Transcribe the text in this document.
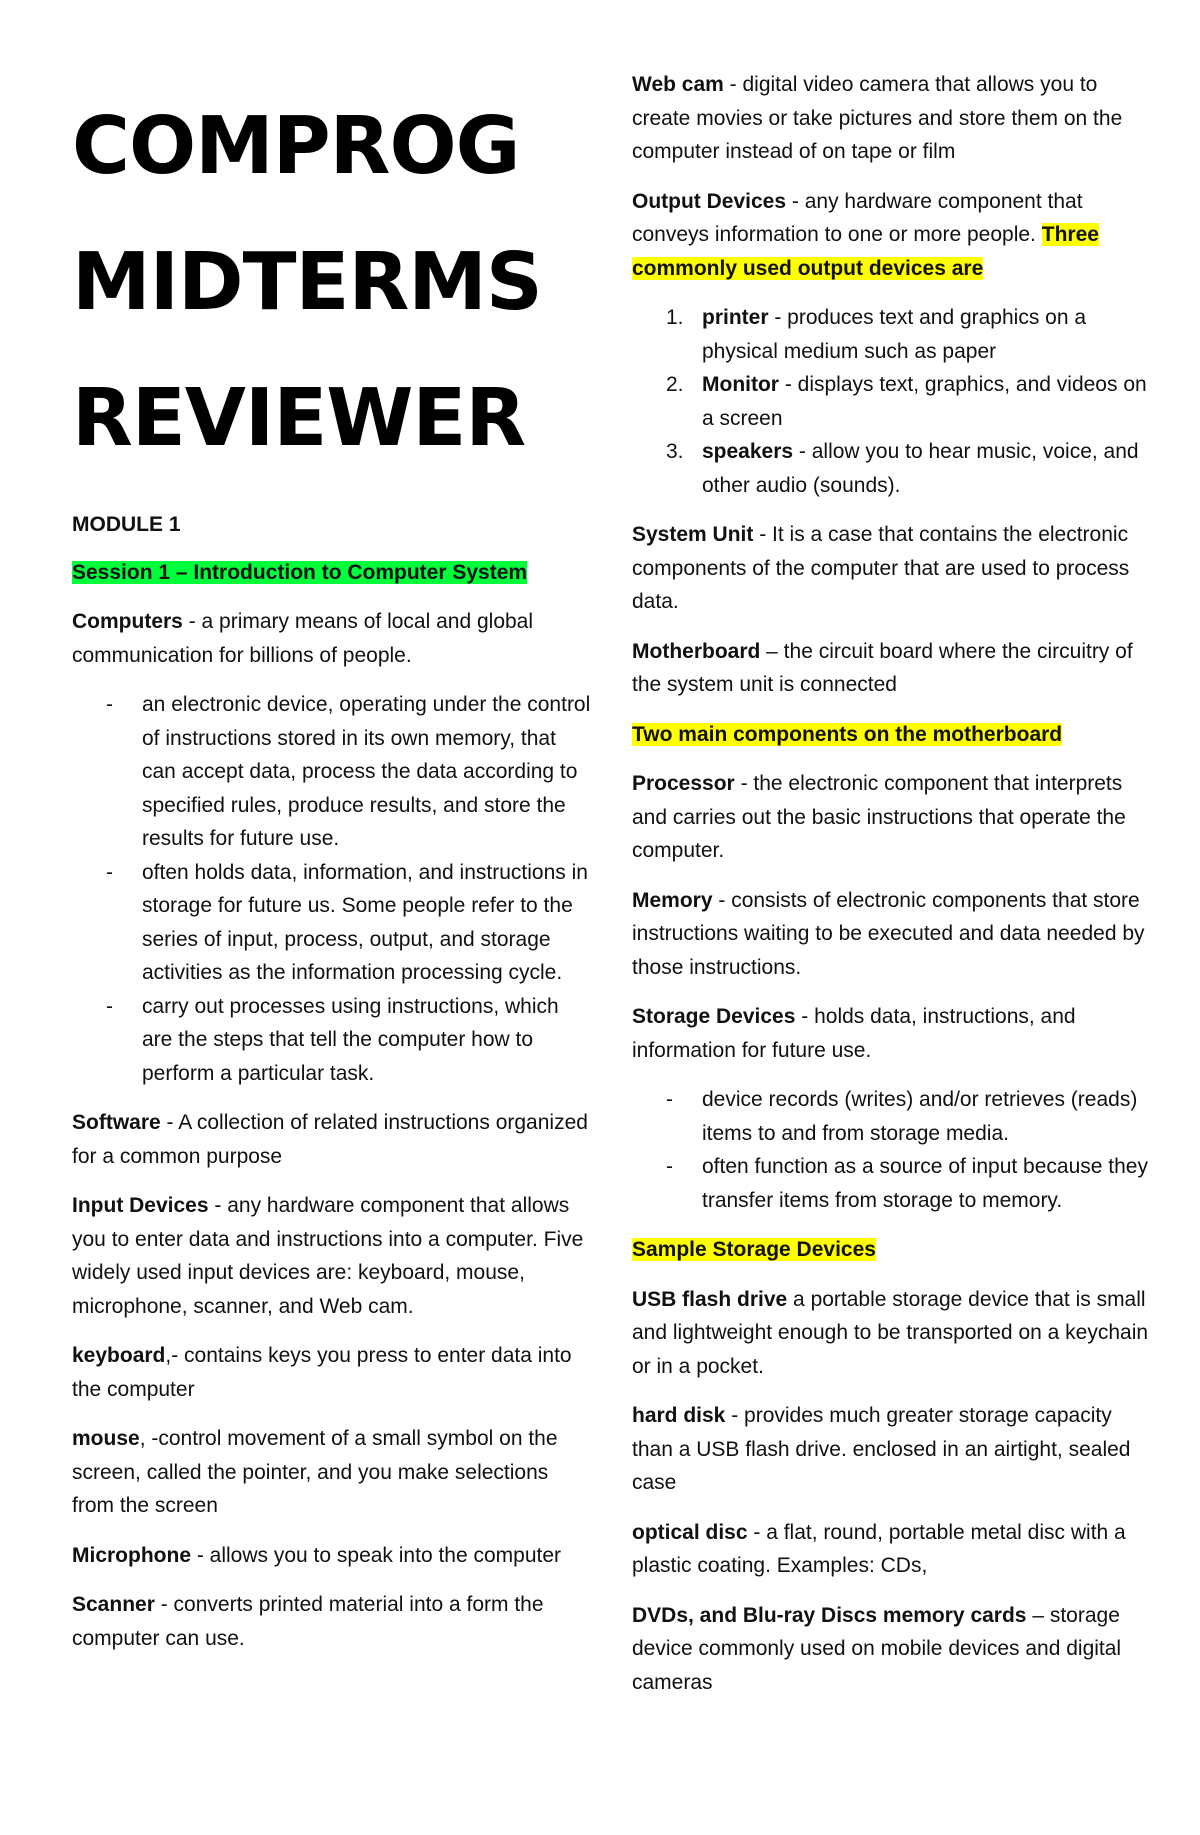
COMPROG
MIDTERMS
REVIEWER
MODULE 1

Session 1 – Introduction to Computer System

Computers - a primary means of local and global communication for billions of people.

- an electronic device, operating under the control of instructions stored in its own memory, that can accept data, process the data according to specified rules, produce results, and store the results for future use.
- often holds data, information, and instructions in storage for future us. Some people refer to the series of input, process, output, and storage activities as the information processing cycle.
- carry out processes using instructions, which are the steps that tell the computer how to perform a particular task.

Software - A collection of related instructions organized for a common purpose

Input Devices - any hardware component that allows you to enter data and instructions into a computer. Five widely used input devices are: keyboard, mouse, microphone, scanner, and Web cam.

keyboard,- contains keys you press to enter data into the computer

mouse, -control movement of a small symbol on the screen, called the pointer, and you make selections from the screen

Microphone - allows you to speak into the computer

Scanner - converts printed material into a form the computer can use.

Web cam - digital video camera that allows you to create movies or take pictures and store them on the computer instead of on tape or film

Output Devices - any hardware component that conveys information to one or more people. Three commonly used output devices are

1. printer - produces text and graphics on a physical medium such as paper
2. Monitor - displays text, graphics, and videos on a screen
3. speakers - allow you to hear music, voice, and other audio (sounds).

System Unit - It is a case that contains the electronic components of the computer that are used to process data.

Motherboard – the circuit board where the circuitry of the system unit is connected

Two main components on the motherboard

Processor - the electronic component that interprets and carries out the basic instructions that operate the computer.

Memory - consists of electronic components that store instructions waiting to be executed and data needed by those instructions.

Storage Devices - holds data, instructions, and information for future use.

- device records (writes) and/or retrieves (reads) items to and from storage media.
- often function as a source of input because they transfer items from storage to memory.

Sample Storage Devices

USB flash drive a portable storage device that is small and lightweight enough to be transported on a keychain or in a pocket.

hard disk - provides much greater storage capacity than a USB flash drive. enclosed in an airtight, sealed case

optical disc - a flat, round, portable metal disc with a plastic coating. Examples: CDs,

DVDs, and Blu-ray Discs memory cards – storage device commonly used on mobile devices and digital cameras
